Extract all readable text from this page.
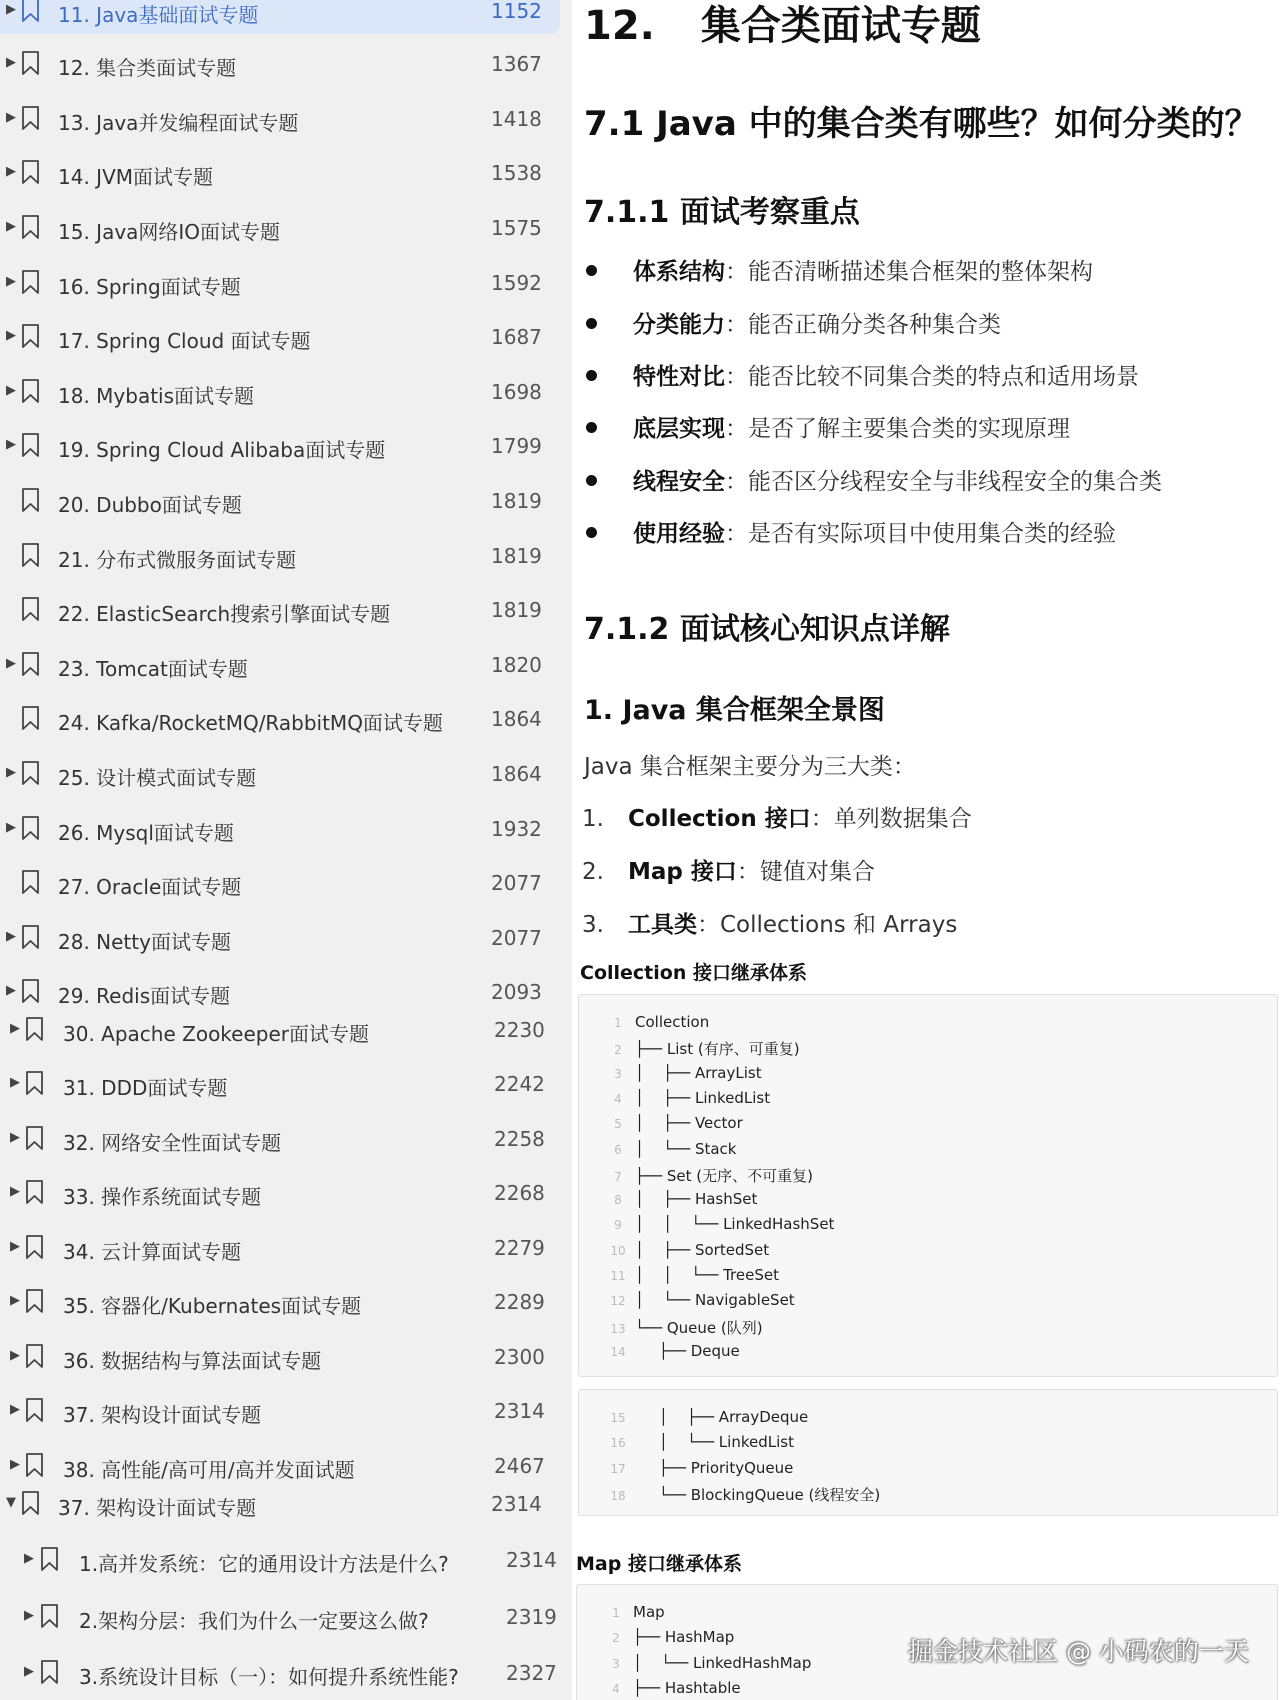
▶ 11. Java基础面试专题	1152
▶ 12. 集合类面试专题	1367
▶ 13. Java并发编程面试专题	1418
▶ 14. JVM面试专题	1538
▶ 15. Java网络IO面试专题	1575
▶ 16. Spring面试专题	1592
▶ 17. Spring Cloud 面试专题	1687
▶ 18. Mybatis面试专题	1698
▶ 19. Spring Cloud Alibaba面试专题	1799
20. Dubbo面试专题	1819
21. 分布式微服务面试专题	1819
22. ElasticSearch搜索引擎面试专题	1819
▶ 23. Tomcat面试专题	1820
24. Kafka/RocketMQ/RabbitMQ面试专题 1864
▶ 25. 设计模式面试专题	1864
▶ 26. Mysql面试专题	1932
27. Oracle面试专题	2077
▶ 28. Netty面试专题	2077
▶ 29. Redis面试专题	2093
▶ 30. Apache Zookeeper面试专题	2230
▶ 31. DDD面试专题	2242
▶ 32. 网络安全性面试专题	2258
▶ 33. 操作系统面试专题	2268
▶ 34. 云计算面试专题	2279
▶ 35. 容器化/Kubernates面试专题	2289
▶ 36. 数据结构与算法面试专题	2300
▶ 37. 架构设计面试专题	2314
▶ 38. 高性能/高可用/高并发面试题	2467
▼ 37. 架构设计面试专题	2314
▶ 1.高并发系统：它的通用设计方法是什么?	2314
▶ 2.架构分层：我们为什么一定要这么做?	2319
▶ 3.系统设计目标（一）：如何提升系统性能? 2327
12. 集合类面试专题
7.1 Java 中的集合类有哪些？如何分类的？
7.1.1 面试考察重点
体系结构：能否清晰描述集合框架的整体架构
分类能力：能否正确分类各种集合类
特性对比：能否比较不同集合类的特点和适用场景
底层实现：是否了解主要集合类的实现原理
线程安全：能否区分线程安全与非线程安全的集合类
使用经验：是否有实际项目中使用集合类的经验
7.1.2 面试核心知识点详解
1. Java 集合框架全景图
Java 集合框架主要分为三大类：
1. Collection 接口：单列数据集合
2. Map 接口：键值对集合
3. 工具类：Collections 和 Arrays
Collection 接口继承体系
1 Collection
2 ├── List (有序、可重复)
3 │    ├── ArrayList
4 │    ├── LinkedList
5 │    ├── Vector
6 │    └── Stack
7 ├── Set (无序、不可重复)
8 │    ├── HashSet
9 │    │    └── LinkedHashSet
10 │    ├── SortedSet
11 │    │    └── TreeSet
12 │    └── NavigableSet
13 └── Queue (队列)
14     ├── Deque
15     │    ├── ArrayDeque
16     │    └── LinkedList
17     ├── PriorityQueue
18     └── BlockingQueue (线程安全)
Map 接口继承体系
1 Map
2 ├── HashMap
3 │    └── LinkedHashMap
4 ├── Hashtable
掘金技术社区 @ 小码农的一天
